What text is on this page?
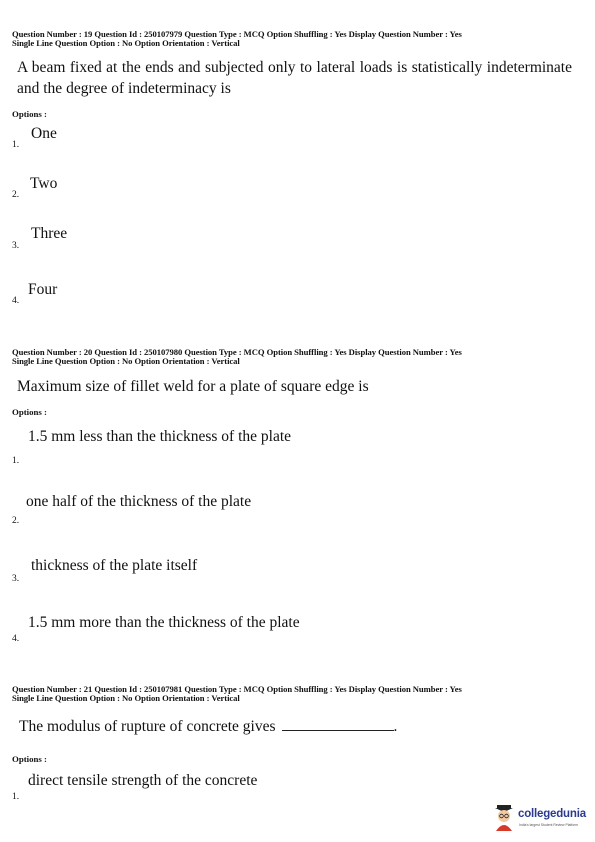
Question Number : 19 Question Id : 250107979 Question Type : MCQ Option Shuffling : Yes Display Question Number : Yes
Single Line Question Option : No Option Orientation : Vertical
A beam fixed at the ends and subjected only to lateral loads is statistically indeterminate and the degree of indeterminacy is
Options :
One
1.
Two
2.
Three
3.
Four
4.
Question Number : 20 Question Id : 250107980 Question Type : MCQ Option Shuffling : Yes Display Question Number : Yes
Single Line Question Option : No Option Orientation : Vertical
Maximum size of fillet weld for a plate of square edge is
Options :
1.5 mm less than the thickness of the plate
1.
one half of the thickness of the plate
2.
thickness of the plate itself
3.
1.5 mm more than the thickness of the plate
4.
Question Number : 21 Question Id : 250107981 Question Type : MCQ Option Shuffling : Yes Display Question Number : Yes
Single Line Question Option : No Option Orientation : Vertical
The modulus of rupture of concrete gives	.
Options :
direct tensile strength of the concrete
1.
collegedunia
India's largest Student Review Platform
